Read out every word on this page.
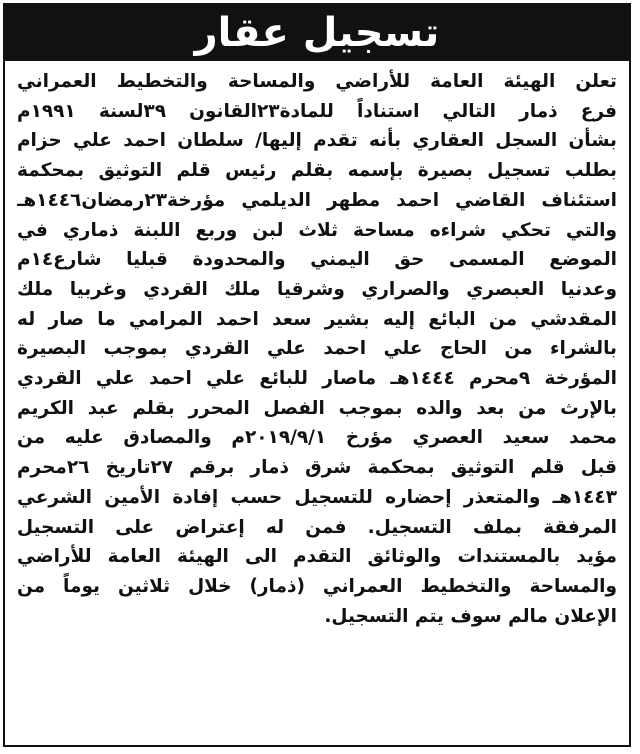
تسجيل عقار
تعلن الهيئة العامة للأراضي والمساحة والتخطيط العمراني
فرع ذمار التالي استناداً للمادة٢٣القانون ٣٩لسنة ١٩٩١م
بشأن السجل العقاري بأنه تقدم إليها/ سلطان احمد علي حزام
بطلب تسجيل بصيرة بإسمه بقلم رئيس قلم التوثيق بمحكمة
استئناف القاضي احمد مطهر الديلمي مؤرخة٢٣رمضان١٤٤٦هـ
والتي تحكي شراءه مساحة ثلاث لبن وربع اللبنة ذماري في
الموضع المسمى حق اليمني والمحدودة قبليا شارع١٤م
وعدنيا العبصري والصراري وشرقيا ملك القردي وغربيا ملك
المقدشي من البائع إليه بشير سعد احمد المرامي ما صار له
بالشراء من الحاج علي احمد علي القردي بموجب البصيرة
المؤرخة ٩محرم ١٤٤٤هـ ماصار للبائع علي احمد علي القردي
بالإرث من بعد والده بموجب الفصل المحرر بقلم عبد الكريم
محمد سعيد العصري مؤرخ ٢٠١٩/٩/١م والمصادق عليه من
قبل قلم التوثيق بمحكمة شرق ذمار برقم ٢٧تاريخ ٢٦محرم
١٤٤٣هـ والمتعذر إحضاره للتسجيل حسب إفادة الأمين الشرعي
المرفقة بملف التسجيل. فمن له إعتراض على التسجيل
مؤيد بالمستندات والوثائق التقدم الى الهيئة العامة للأراضي
والمساحة والتخطيط العمراني (ذمار) خلال ثلاثين يوماً من
الإعلان مالم سوف يتم التسجيل.
